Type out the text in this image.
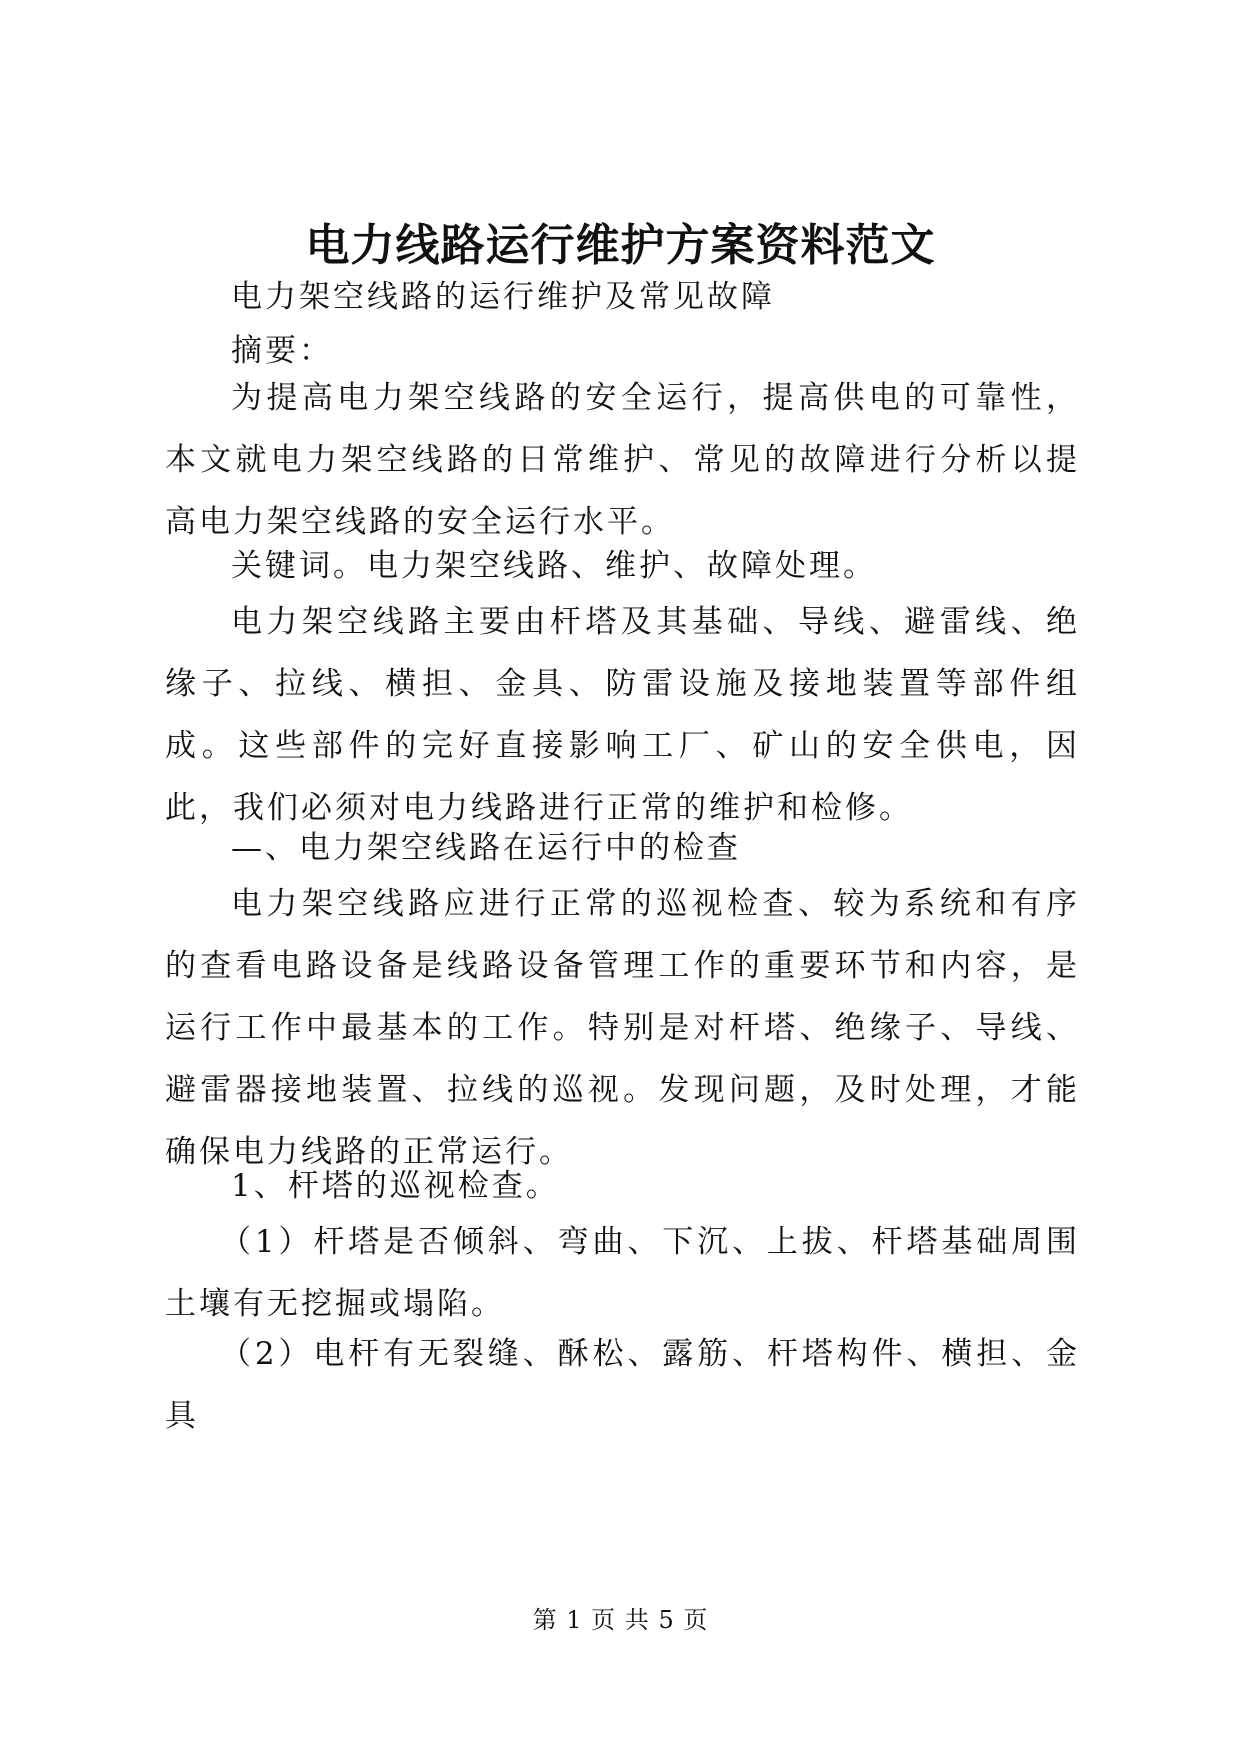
电力线路运行维护方案资料范文

电力架空线路的运行维护及常见故障

摘要：

为提高电力架空线路的安全运行，提高供电的可靠性，本文就电力架空线路的日常维护、常见的故障进行分析以提高电力架空线路的安全运行水平。

关键词。电力架空线路、维护、故障处理。

电力架空线路主要由杆塔及其基础、导线、避雷线、绝缘子、拉线、横担、金具、防雷设施及接地装置等部件组成。这些部件的完好直接影响工厂、矿山的安全供电，因此，我们必须对电力线路进行正常的维护和检修。

—、电力架空线路在运行中的检查

电力架空线路应进行正常的巡视检查、较为系统和有序的查看电路设备是线路设备管理工作的重要环节和内容，是运行工作中最基本的工作。特别是对杆塔、绝缘子、导线、避雷器接地装置、拉线的巡视。发现问题，及时处理，才能确保电力线路的正常运行。

1、杆塔的巡视检查。

（1）杆塔是否倾斜、弯曲、下沉、上拔、杆塔基础周围土壤有无挖掘或塌陷。

（2）电杆有无裂缝、酥松、露筋、杆塔构件、横担、金具

第 1 页 共 5 页
